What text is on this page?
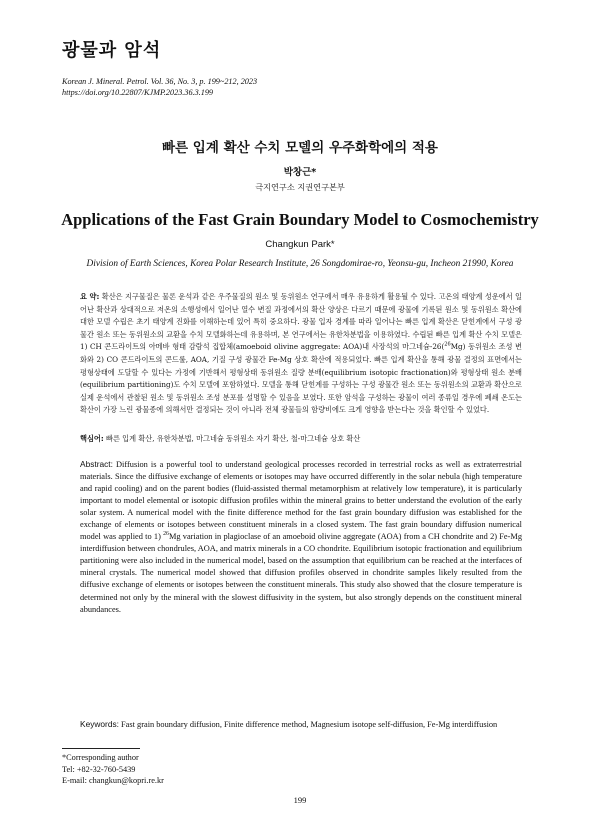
광물과 암석
Korean J. Mineral. Petrol. Vol. 36, No. 3, p. 199~212, 2023
https://doi.org/10.22807/KJMP.2023.36.3.199
빠른 입계 확산 수치 모델의 우주화학에의 적용
박창근*
극지연구소 지권연구본부
Applications of the Fast Grain Boundary Model to Cosmochemistry
Changkun Park*
Division of Earth Sciences, Korea Polar Research Institute, 26 Songdomirae-ro, Yeonsu-gu, Incheon 21990, Korea
요 약: 확산은 지구물질은 물론 운석과 같은 우주물질의 원소 및 동위원소 연구에서 매우 유용하게 활용될 수 있다. 고온의 태양계 성운에서 일어난 확산과 상대적으로 저온의 소행성에서 일어난 열수 변질 과정에서의 확산 양상은 다르기 때문에 광물에 기록된 원소 및 동위원소 확산에 대한 모델 수립은 초기 태양계 진화를 이해하는데 있어 특히 중요하다. 광물 입자 경계를 따라 일어나는 빠른 입계 확산은 닫힌계에서 구성 광물간 원소 또는 동위원소의 교환을 수치 모델화하는데 유용하며, 본 연구에서는 유한차분법을 이용하였다. 수립된 빠른 입계 확산 수치 모델은 1) CH 콘드라이트의 아메바 형태 감람석 집합체(amoeboid olivine aggregate: AOA)내 사장석의 마그네슘-26($^{26}$Mg) 동위원소 조성 변화와 2) CO 콘드라이트의 콘드룰, AOA, 기질 구성 광물간 Fe-Mg 상호 확산에 적용되었다. 빠른 입계 확산을 통해 광물 결정의 표면에서는 평형상태에 도달할 수 있다는 가정에 기반해서 평형상태 동위원소 질량 분배(equilibrium isotopic fractionation)와 평형상태 원소 분배(equilibrium partitioning)도 수치 모델에 포함하였다. 모델을 통해 닫힌계를 구성하는 구성 광물간 원소 또는 동위원소의 교환과 확산으로 실제 운석에서 관찰된 원소 및 동위원소 조성 분포를 설명할 수 있음을 보였다. 또한 암석을 구성하는 광물이 여러 종류일 경우에 폐쇄 온도는 확산이 가장 느린 광물종에 의해서만 결정되는 것이 아니라 전체 광물들의 함량비에도 크게 영향을 받는다는 것을 확인할 수 있었다.
핵심어: 빠른 입계 확산, 유한차분법, 마그네슘 동위원소 자기 확산, 철-마그네슘 상호 확산
Abstract: Diffusion is a powerful tool to understand geological processes recorded in terrestrial rocks as well as extraterrestrial materials. Since the diffusive exchange of elements or isotopes may have occurred differently in the solar nebula (high temperature and rapid cooling) and on the parent bodies (fluid-assisted thermal metamorphism at relatively low temperature), it is particularly important to model elemental or isotopic diffusion profiles within the mineral grains to better understand the evolution of the early solar system. A numerical model with the finite difference method for the fast grain boundary diffusion was established for the exchange of elements or isotopes between constituent minerals in a closed system. The fast grain boundary diffusion numerical model was applied to 1) $^{26}$Mg variation in plagioclase of an amoeboid olivine aggregate (AOA) from a CH chondrite and 2) Fe-Mg interdiffusion between chondrules, AOA, and matrix minerals in a CO chondrite. Equilibrium isotopic fractionation and equilibrium partitioning were also included in the numerical model, based on the assumption that equilibrium can be reached at the interfaces of mineral crystals. The numerical model showed that diffusion profiles observed in chondrite samples likely resulted from the diffusive exchange of elements or isotopes between the constituent minerals. This study also showed that the closure temperature is determined not only by the mineral with the slowest diffusivity in the system, but also strongly depends on the constituent mineral abundances.
Keywords: Fast grain boundary diffusion, Finite difference method, Magnesium isotope self-diffusion, Fe-Mg interdiffusion
*Corresponding author
Tel: +82-32-760-5439
E-mail: changkun@kopri.re.kr
199
